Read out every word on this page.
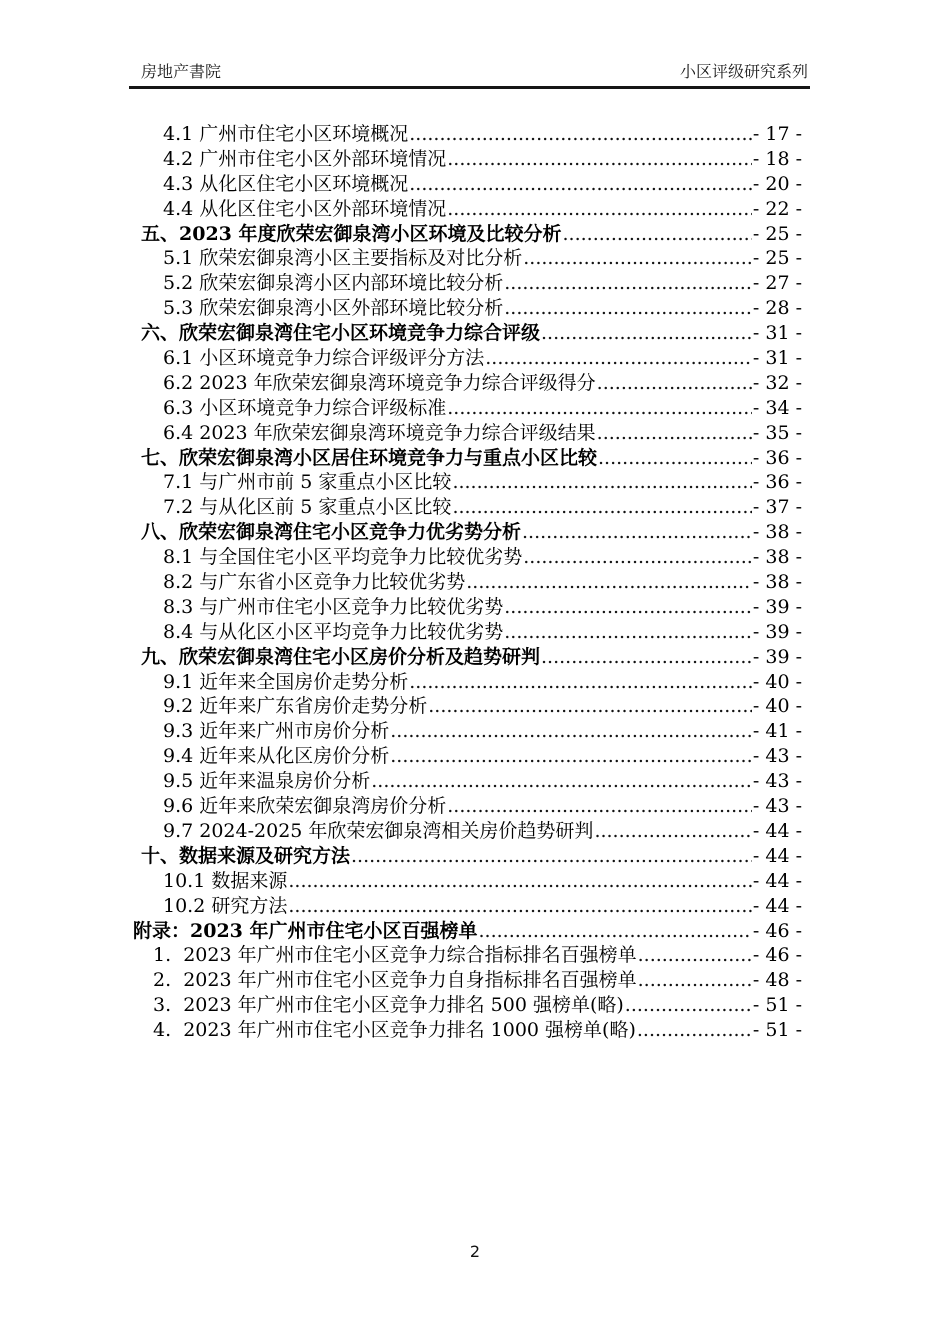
房地产書院	小区评级研究系列
4.1 广州市住宅小区环境概况 .....	- 17 -
4.2 广州市住宅小区外部环境情况 .....	- 18 -
4.3 从化区住宅小区环境概况 .....	- 20 -
4.4 从化区住宅小区外部环境情况 .....	- 22 -
五、2023 年度欣荣宏御泉湾小区环境及比较分析 .....	- 25 -
5.1 欣荣宏御泉湾小区主要指标及对比分析 .....	- 25 -
5.2 欣荣宏御泉湾小区内部环境比较分析 .....	- 27 -
5.3 欣荣宏御泉湾小区外部环境比较分析 .....	- 28 -
六、欣荣宏御泉湾住宅小区环境竞争力综合评级 .....	- 31 -
6.1 小区环境竞争力综合评级评分方法 .....	- 31 -
6.2 2023 年欣荣宏御泉湾环境竞争力综合评级得分 .....	- 32 -
6.3 小区环境竞争力综合评级标准 .....	- 34 -
6.4 2023 年欣荣宏御泉湾环境竞争力综合评级结果 .....	- 35 -
七、欣荣宏御泉湾小区居住环境竞争力与重点小区比较 .....	- 36 -
7.1 与广州市前 5 家重点小区比较 .....	- 36 -
7.2 与从化区前 5 家重点小区比较 .....	- 37 -
八、欣荣宏御泉湾住宅小区竞争力优劣势分析 .....	- 38 -
8.1 与全国住宅小区平均竞争力比较优劣势 .....	- 38 -
8.2 与广东省小区竞争力比较优劣势 .....	- 38 -
8.3 与广州市住宅小区竞争力比较优劣势 .....	- 39 -
8.4 与从化区小区平均竞争力比较优劣势 .....	- 39 -
九、欣荣宏御泉湾住宅小区房价分析及趋势研判 .....	- 39 -
9.1 近年来全国房价走势分析 .....	- 40 -
9.2 近年来广东省房价走势分析 .....	- 40 -
9.3 近年来广州市房价分析 .....	- 41 -
9.4 近年来从化区房价分析 .....	- 43 -
9.5 近年来温泉房价分析 .....	- 43 -
9.6 近年来欣荣宏御泉湾房价分析 .....	- 43 -
9.7 2024-2025 年欣荣宏御泉湾相关房价趋势研判 .....	- 44 -
十、数据来源及研究方法 .....	- 44 -
10.1 数据来源 .....	- 44 -
10.2 研究方法 .....	- 44 -
附录：2023 年广州市住宅小区百强榜单 .....	- 46 -
1.  2023 年广州市住宅小区竞争力综合指标排名百强榜单 .....	- 46 -
2.  2023 年广州市住宅小区竞争力自身指标排名百强榜单 .....	- 48 -
3.  2023 年广州市住宅小区竞争力排名 500 强榜单(略) .....	- 51 -
4.  2023 年广州市住宅小区竞争力排名 1000 强榜单(略) .....	- 51 -
2
